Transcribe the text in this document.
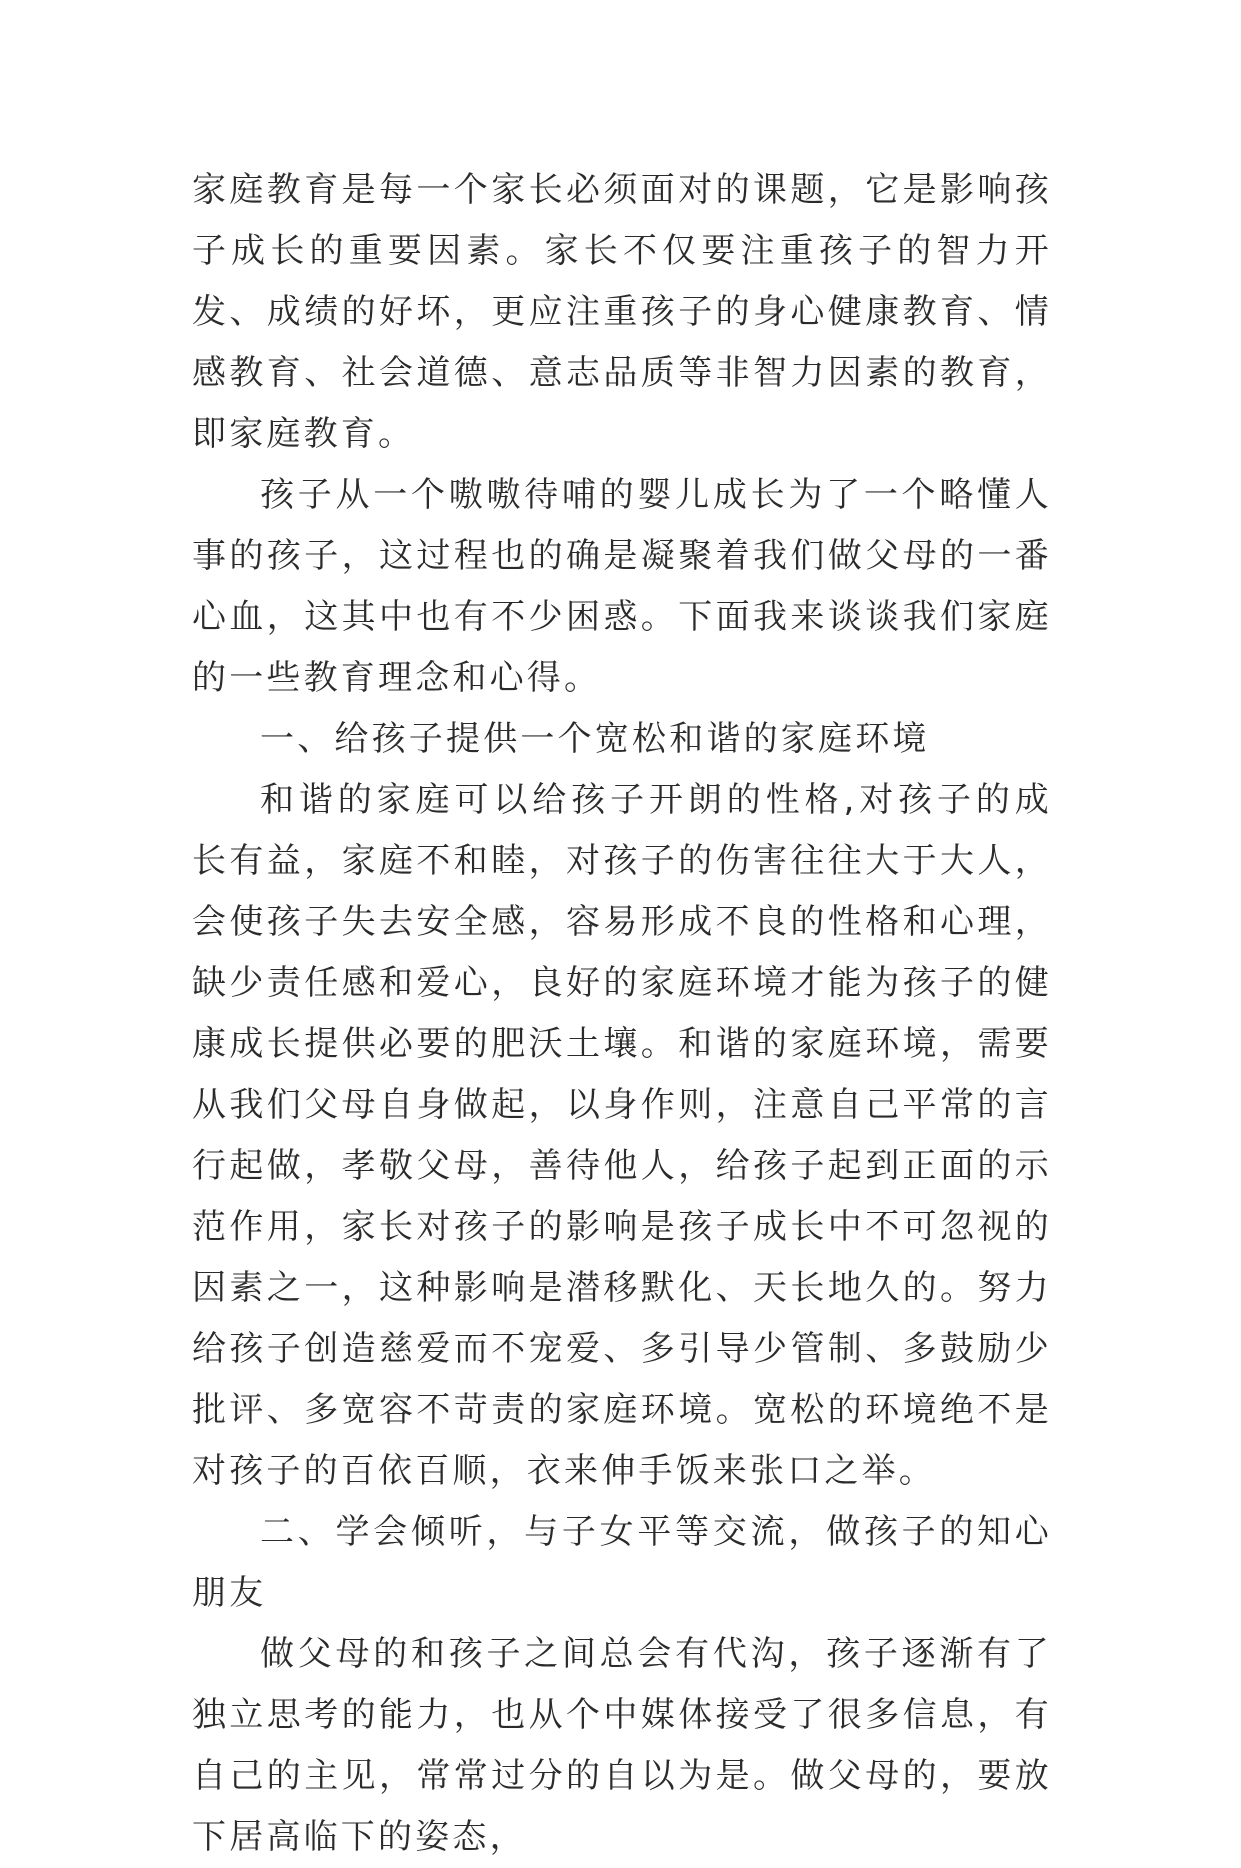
家庭教育是每一个家长必须面对的课题，它是影响孩子成长的重要因素。家长不仅要注重孩子的智力开发、成绩的好坏，更应注重孩子的身心健康教育、情感教育、社会道德、意志品质等非智力因素的教育，即家庭教育。

孩子从一个嗷嗷待哺的婴儿成长为了一个略懂人事的孩子，这过程也的确是凝聚着我们做父母的一番心血，这其中也有不少困惑。下面我来谈谈我们家庭的一些教育理念和心得。

一、给孩子提供一个宽松和谐的家庭环境

和谐的家庭可以给孩子开朗的性格,对孩子的成长有益，家庭不和睦，对孩子的伤害往往大于大人，会使孩子失去安全感，容易形成不良的性格和心理，缺少责任感和爱心，良好的家庭环境才能为孩子的健康成长提供必要的肥沃土壤。和谐的家庭环境，需要从我们父母自身做起，以身作则，注意自己平常的言行起做，孝敬父母，善待他人，给孩子起到正面的示范作用，家长对孩子的影响是孩子成长中不可忽视的因素之一，这种影响是潜移默化、天长地久的。努力给孩子创造慈爱而不宠爱、多引导少管制、多鼓励少批评、多宽容不苛责的家庭环境。宽松的环境绝不是对孩子的百依百顺，衣来伸手饭来张口之举。

二、学会倾听，与子女平等交流，做孩子的知心朋友

做父母的和孩子之间总会有代沟，孩子逐渐有了独立思考的能力，也从个中媒体接受了很多信息，有自己的主见，常常过分的自以为是。做父母的，要放下居高临下的姿态，
